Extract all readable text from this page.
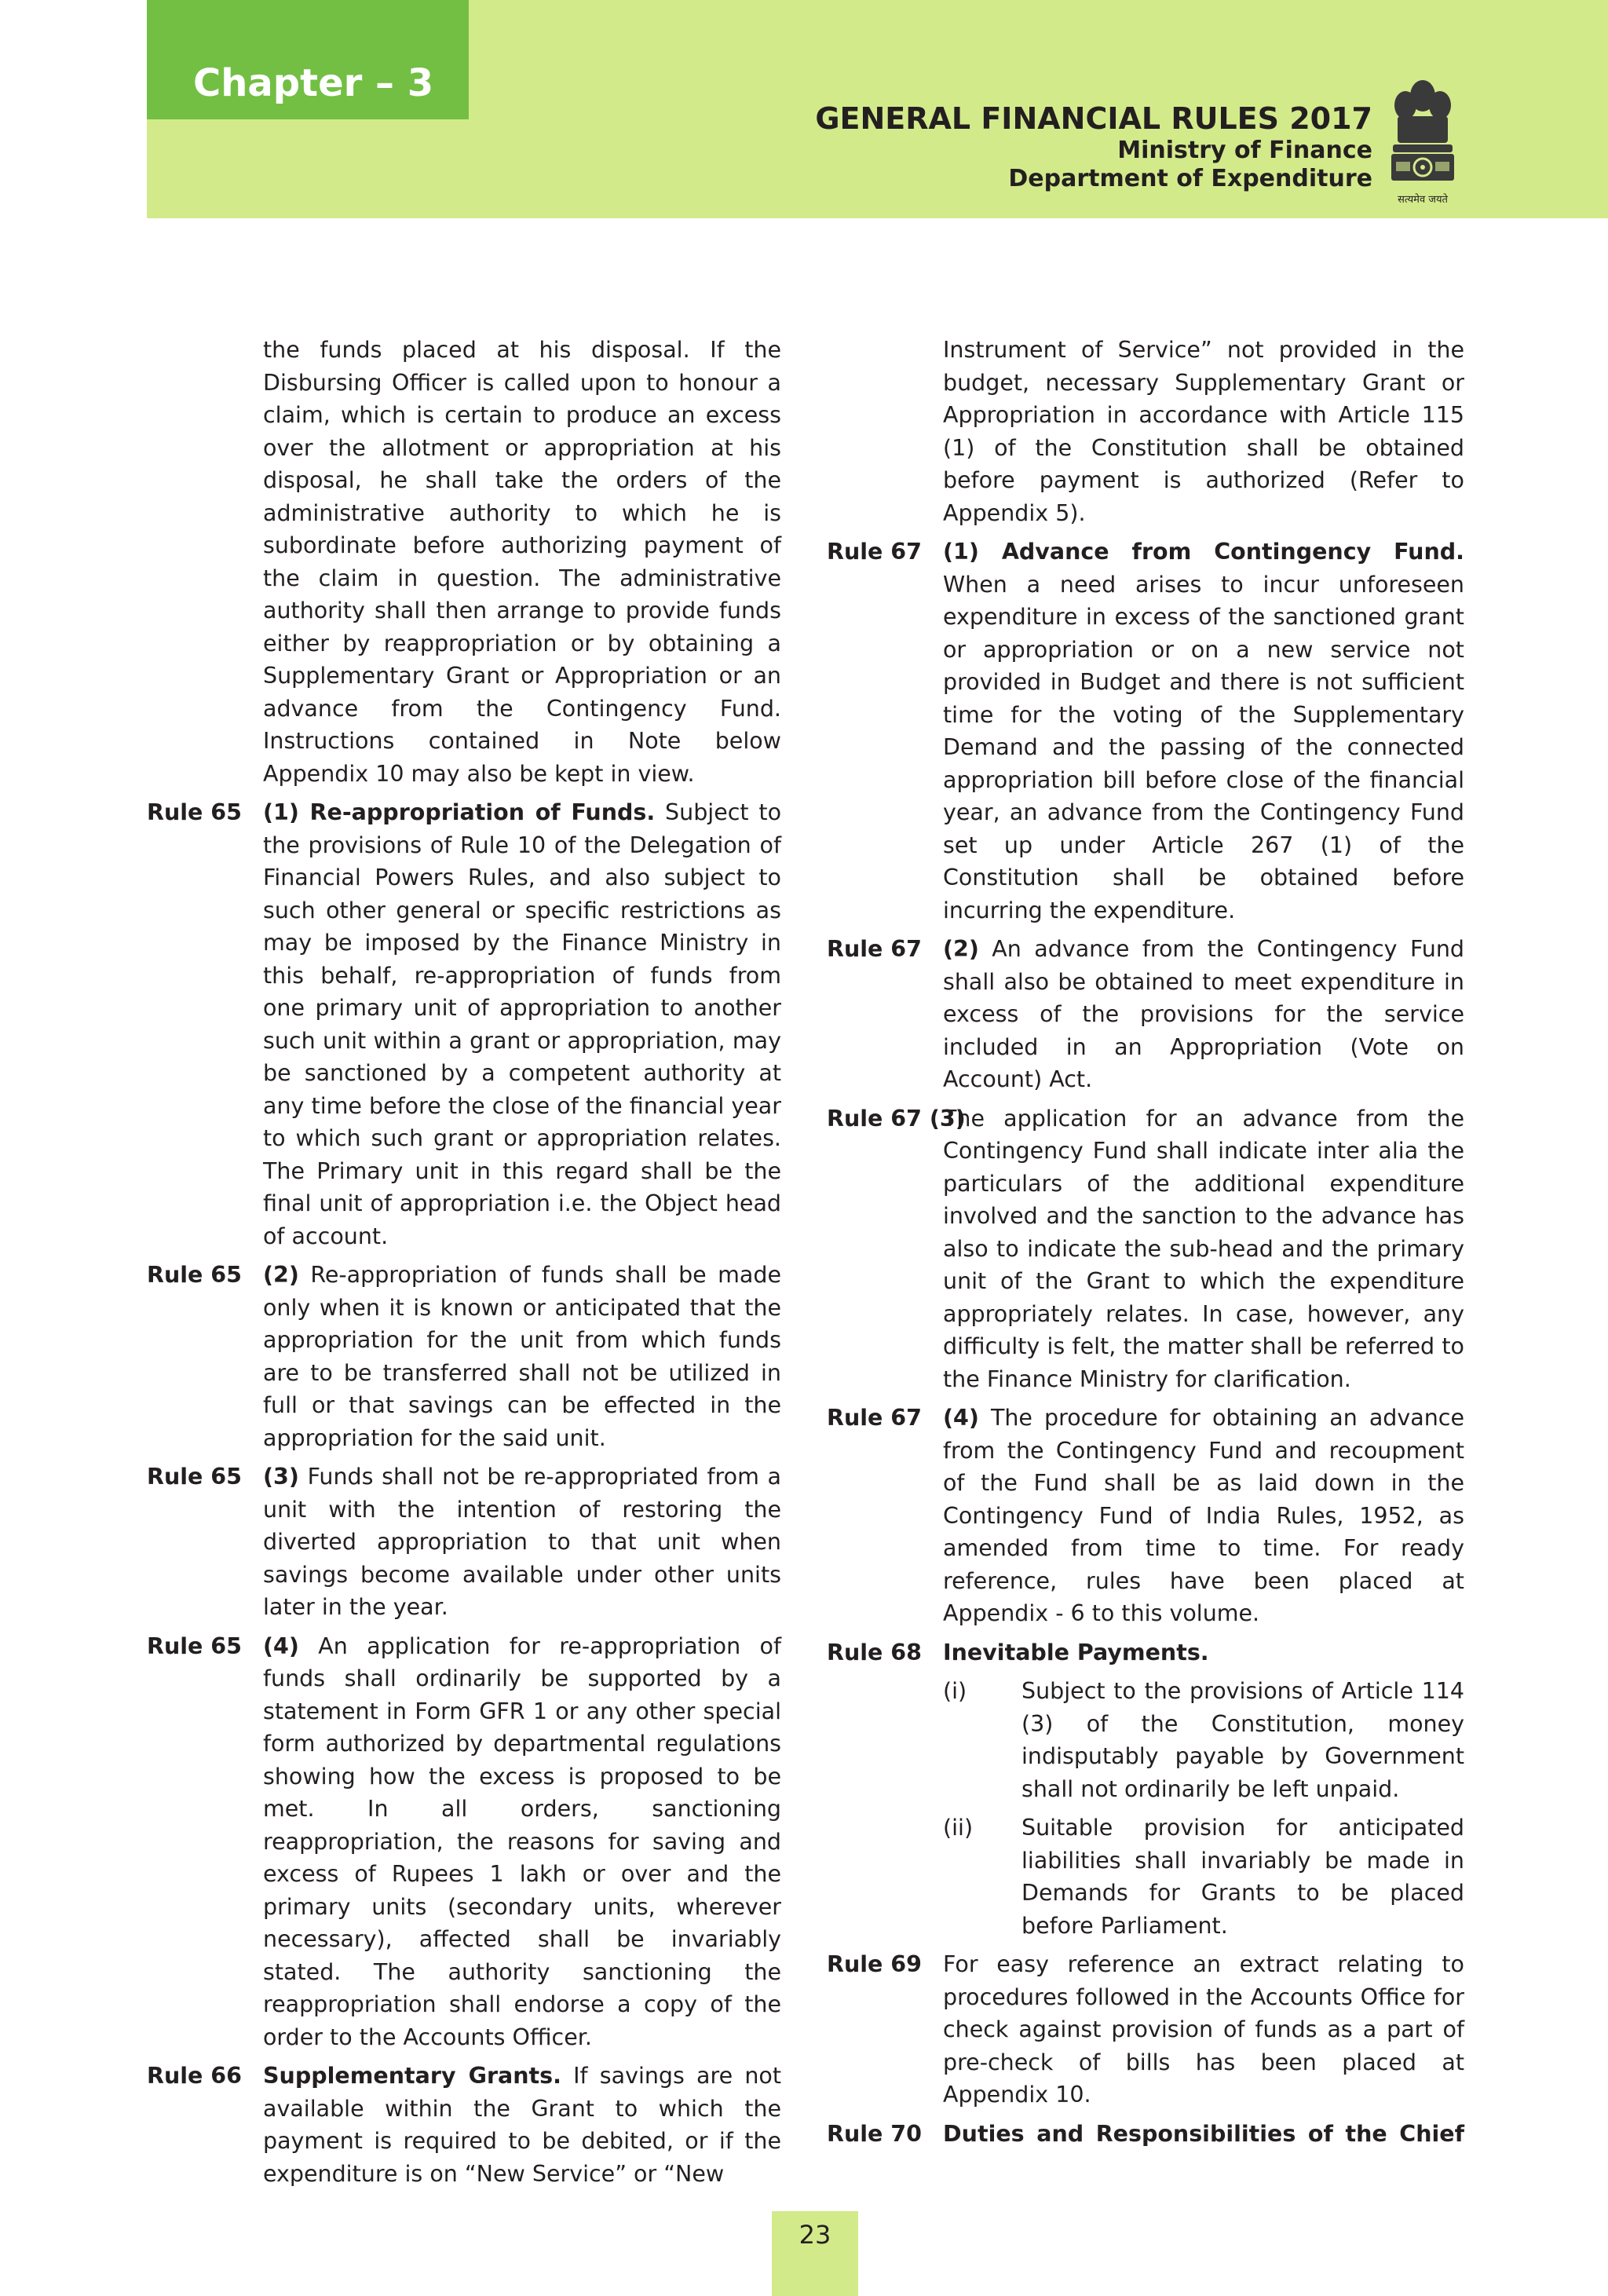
Chapter – 3
GENERAL FINANCIAL RULES 2017
Ministry of Finance
Department of Expenditure
सत्यमेव जयते
the funds placed at his disposal. If the Disbursing Officer is called upon to honour a claim, which is certain to produce an excess over the allotment or appropriation at his disposal, he shall take the orders of the administrative authority to which he is subordinate before authorizing payment of the claim in question. The administrative authority shall then arrange to provide funds either by reappropriation or by obtaining a Supplementary Grant or Appropriation or an advance from the Contingency Fund. Instructions contained in Note below Appendix 10 may also be kept in view.
Rule 65 (1) Re-appropriation of Funds. Subject to the provisions of Rule 10 of the Delegation of Financial Powers Rules, and also subject to such other general or specific restrictions as may be imposed by the Finance Ministry in this behalf, re-appropriation of funds from one primary unit of appropriation to another such unit within a grant or appropriation, may be sanctioned by a competent authority at any time before the close of the financial year to which such grant or appropriation relates. The Primary unit in this regard shall be the final unit of appropriation i.e. the Object head of account.
Rule 65 (2) Re-appropriation of funds shall be made only when it is known or anticipated that the appropriation for the unit from which funds are to be transferred shall not be utilized in full or that savings can be effected in the appropriation for the said unit.
Rule 65 (3) Funds shall not be re-appropriated from a unit with the intention of restoring the diverted appropriation to that unit when savings become available under other units later in the year.
Rule 65 (4) An application for re-appropriation of funds shall ordinarily be supported by a statement in Form GFR 1 or any other special form authorized by departmental regulations showing how the excess is proposed to be met. In all orders, sanctioning reappropriation, the reasons for saving and excess of Rupees 1 lakh or over and the primary units (secondary units, wherever necessary), affected shall be invariably stated. The authority sanctioning the reappropriation shall endorse a copy of the order to the Accounts Officer.
Rule 66 Supplementary Grants. If savings are not available within the Grant to which the payment is required to be debited, or if the expenditure is on “New Service” or “New
Instrument of Service” not provided in the budget, necessary Supplementary Grant or Appropriation in accordance with Article 115 (1) of the Constitution shall be obtained before payment is authorized (Refer to Appendix 5).
Rule 67 (1) Advance from Contingency Fund. When a need arises to incur unforeseen expenditure in excess of the sanctioned grant or appropriation or on a new service not provided in Budget and there is not sufficient time for the voting of the Supplementary Demand and the passing of the connected appropriation bill before close of the financial year, an advance from the Contingency Fund set up under Article 267 (1) of the Constitution shall be obtained before incurring the expenditure.
Rule 67 (2) An advance from the Contingency Fund shall also be obtained to meet expenditure in excess of the provisions for the service included in an Appropriation (Vote on Account) Act.
Rule 67 (3)
The application for an advance from the Contingency Fund shall indicate inter alia the particulars of the additional expenditure involved and the sanction to the advance has also to indicate the sub-head and the primary unit of the Grant to which the expenditure appropriately relates. In case, however, any difficulty is felt, the matter shall be referred to the Finance Ministry for clarification.
Rule 67 (4) The procedure for obtaining an advance from the Contingency Fund and recoupment of the Fund shall be as laid down in the Contingency Fund of India Rules, 1952, as amended from time to time. For ready reference, rules have been placed at Appendix - 6 to this volume.
Rule 68 Inevitable Payments.
(i)	Subject to the provisions of Article 114 (3) of the Constitution, money indisputably payable by Government shall not ordinarily be left unpaid.
(ii)	Suitable provision for anticipated liabilities shall invariably be made in Demands for Grants to be placed before Parliament.
Rule 69 For easy reference an extract relating to procedures followed in the Accounts Office for check against provision of funds as a part of pre-check of bills has been placed at Appendix 10.
Rule 70 Duties and Responsibilities of the Chief
23
